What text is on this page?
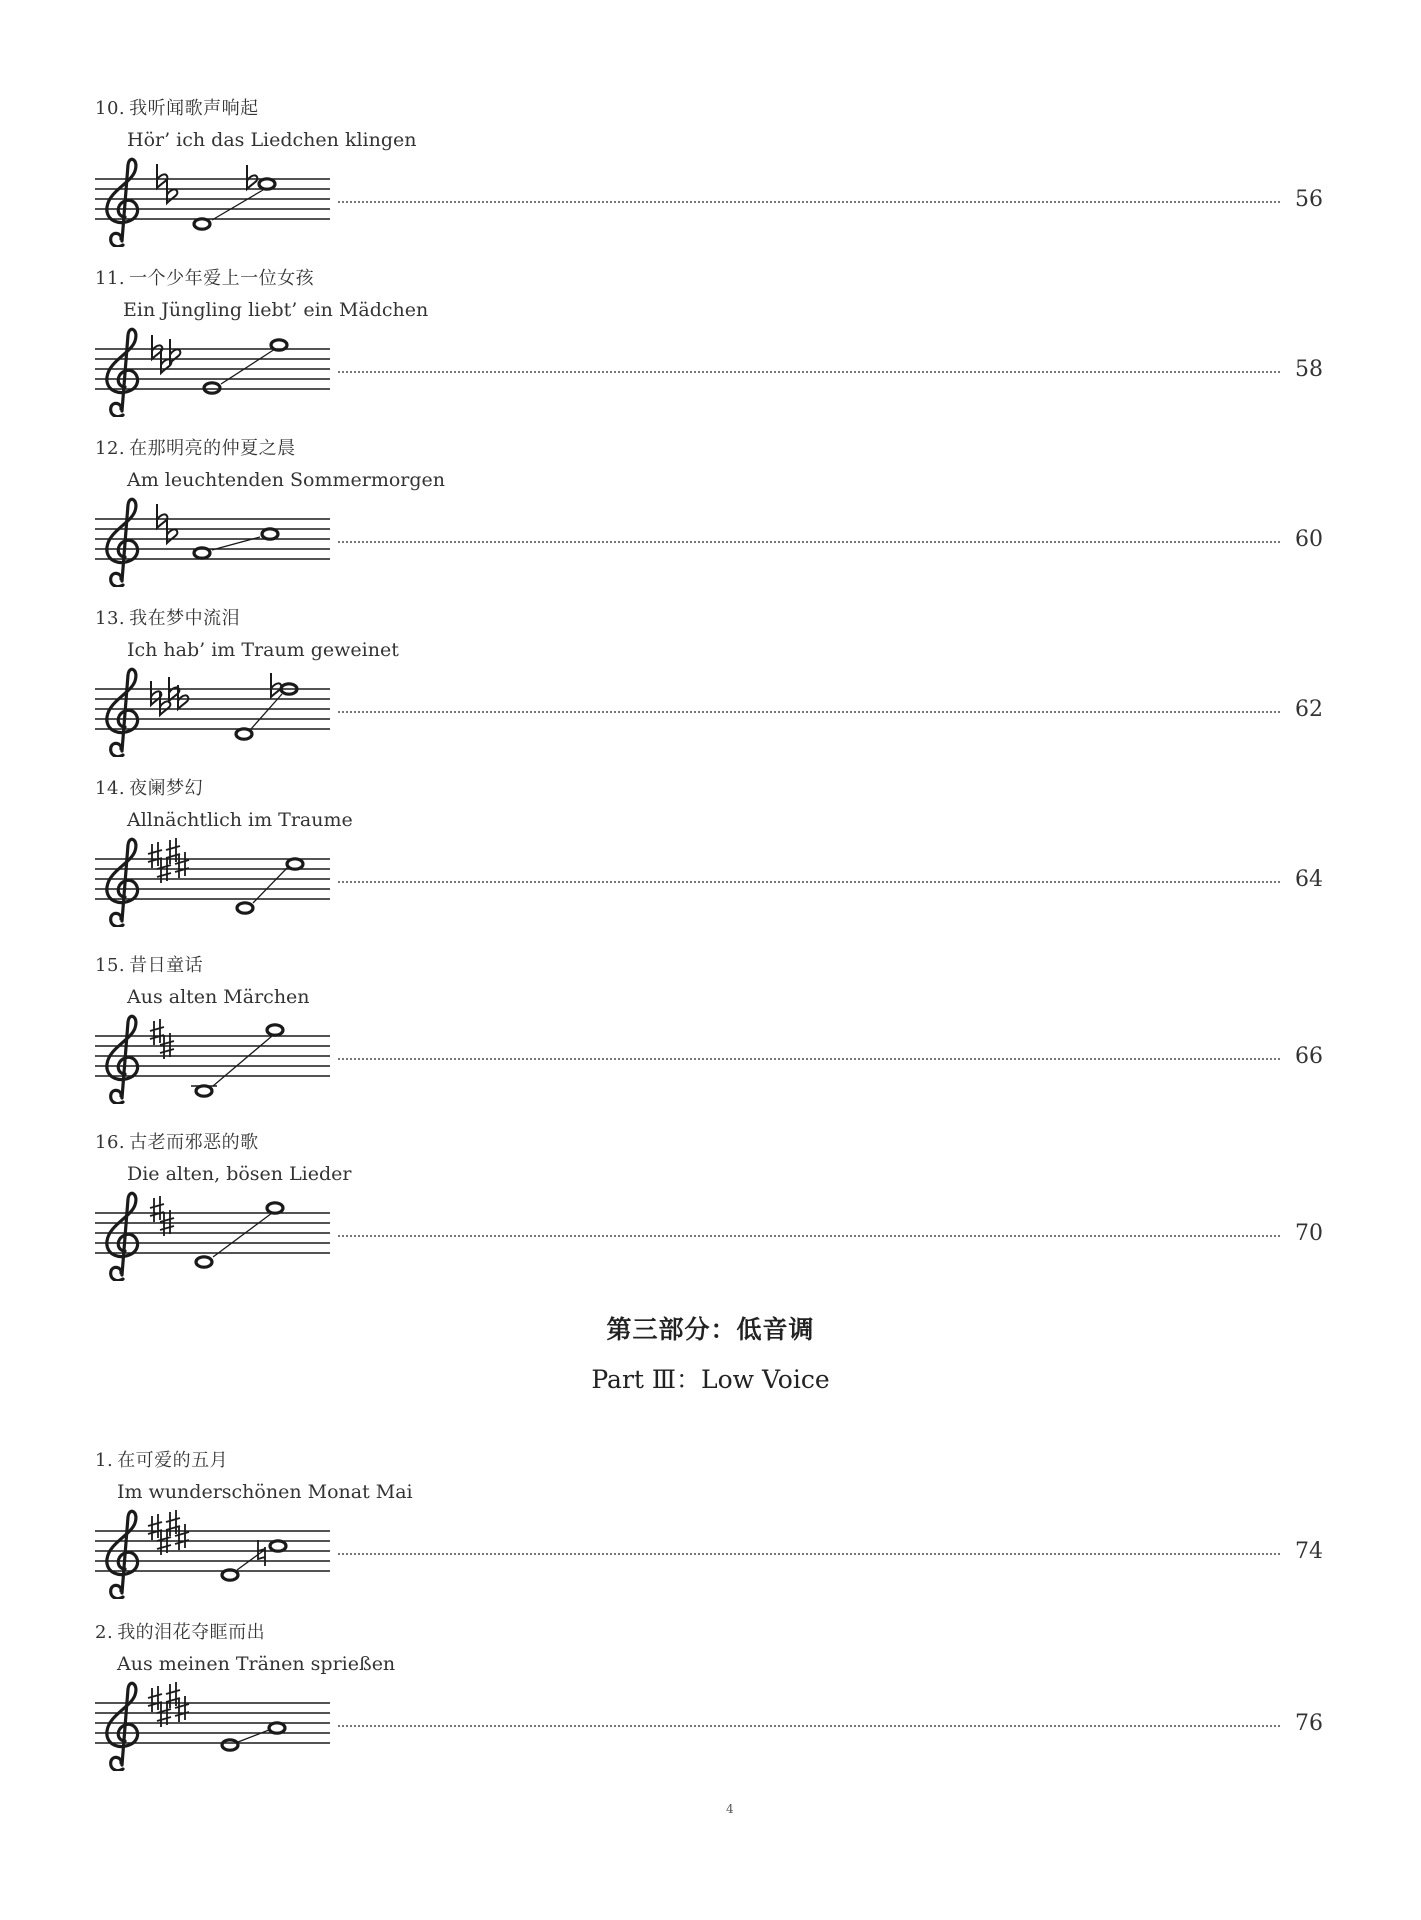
10. 我听闻歌声响起
Hör’ ich das Liedchen klingen
56
11. 一个少年爱上一位女孩
Ein Jüngling liebt’ ein Mädchen
58
12. 在那明亮的仲夏之晨
Am leuchtenden Sommermorgen
60
13. 我在梦中流泪
Ich hab’ im Traum geweinet
62
14. 夜阑梦幻
Allnächtlich im Traume
64
15. 昔日童话
Aus alten Märchen
66
16. 古老而邪恶的歌
Die alten, bösen Lieder
70
第三部分：低音调
Part Ⅲ：Low Voice
1. 在可爱的五月
Im wunderschönen Monat Mai
74
2. 我的泪花夺眶而出
Aus meinen Tränen sprießen
76
4
